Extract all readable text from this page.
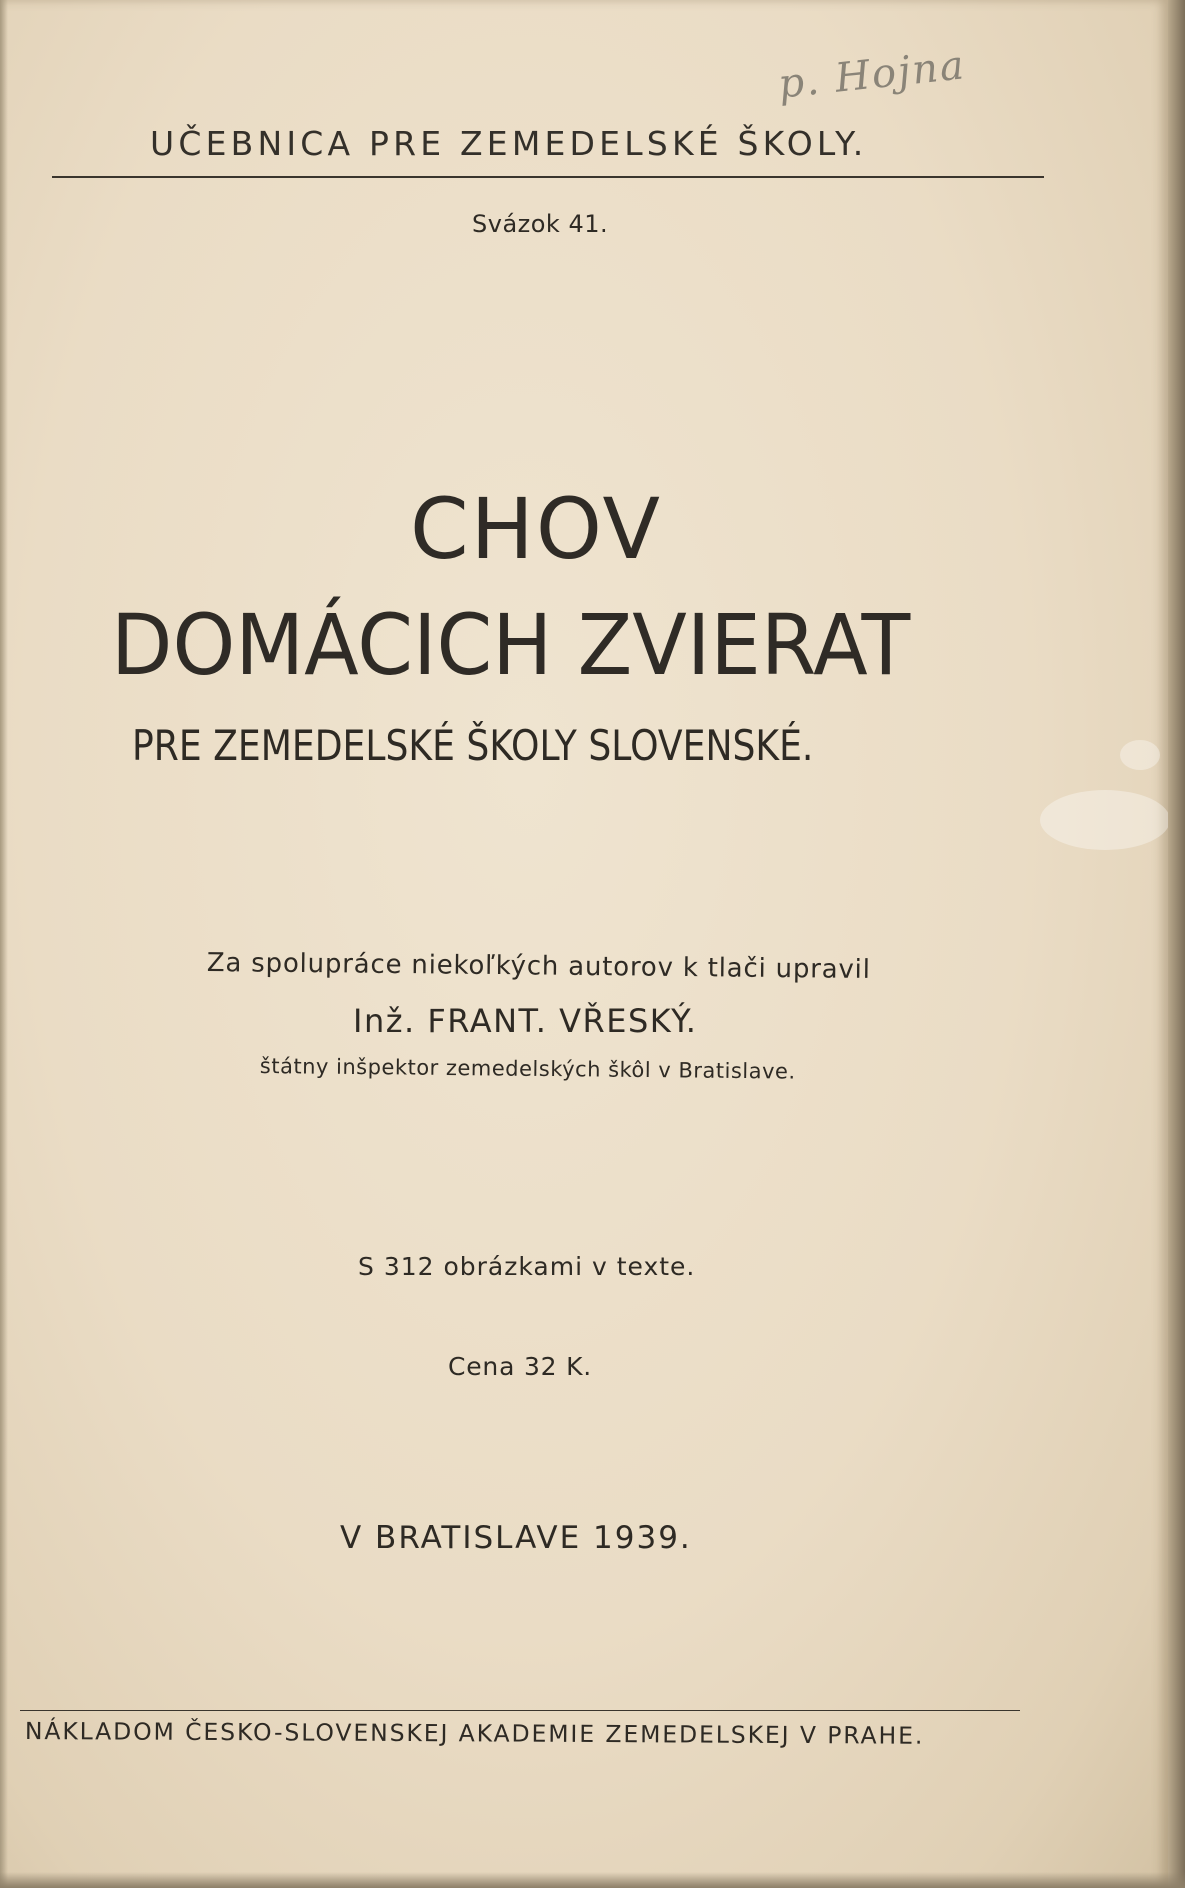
p. Hojna
UČEBNICA PRE ZEMEDELSKÉ ŠKOLY.
Svázok 41.
CHOV
DOMÁCICH ZVIERAT
PRE ZEMEDELSKÉ ŠKOLY SLOVENSKÉ.
Za spolupráce niekoľkých autorov k tlači upravil
Inž. FRANT. VŘESKÝ.
štátny inšpektor zemedelských škôl v Bratislave.
S 312 obrázkami v texte.
Cena 32 K.
V BRATISLAVE 1939.
NÁKLADOM ČESKO-SLOVENSKEJ AKADEMIE ZEMEDELSKEJ V PRAHE.
